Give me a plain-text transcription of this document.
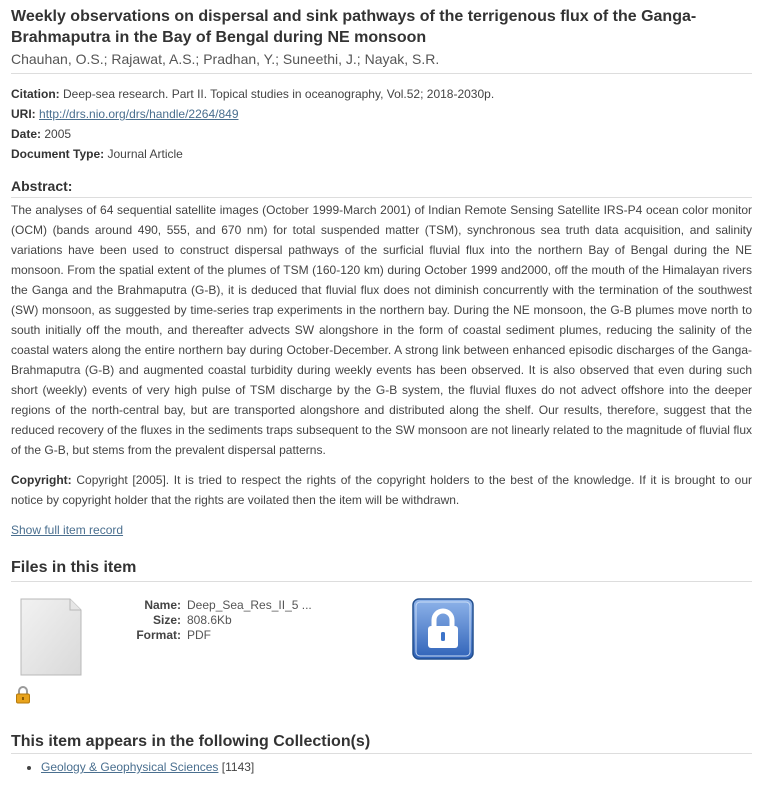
Weekly observations on dispersal and sink pathways of the terrigenous flux of the Ganga-Brahmaputra in the Bay of Bengal during NE monsoon
Chauhan, O.S.; Rajawat, A.S.; Pradhan, Y.; Suneethi, J.; Nayak, S.R.
Citation: Deep-sea research. Part II. Topical studies in oceanography, Vol.52; 2018-2030p.
URI: http://drs.nio.org/drs/handle/2264/849
Date: 2005
Document Type: Journal Article
Abstract:
The analyses of 64 sequential satellite images (October 1999-March 2001) of Indian Remote Sensing Satellite IRS-P4 ocean color monitor (OCM) (bands around 490, 555, and 670 nm) for total suspended matter (TSM), synchronous sea truth data acquisition, and salinity variations have been used to construct dispersal pathways of the surficial fluvial flux into the northern Bay of Bengal during the NE monsoon. From the spatial extent of the plumes of TSM (160-120 km) during October 1999 and2000, off the mouth of the Himalayan rivers the Ganga and the Brahmaputra (G-B), it is deduced that fluvial flux does not diminish concurrently with the termination of the southwest (SW) monsoon, as suggested by time-series trap experiments in the northern bay. During the NE monsoon, the G-B plumes move north to south initially off the mouth, and thereafter advects SW alongshore in the form of coastal sediment plumes, reducing the salinity of the coastal waters along the entire northern bay during October-December. A strong link between enhanced episodic discharges of the Ganga-Brahmaputra (G-B) and augmented coastal turbidity during weekly events has been observed. It is also observed that even during such short (weekly) events of very high pulse of TSM discharge by the G-B system, the fluvial fluxes do not advect offshore into the deeper regions of the north-central bay, but are transported alongshore and distributed along the shelf. Our results, therefore, suggest that the reduced recovery of the fluxes in the sediments traps subsequent to the SW monsoon are not linearly related to the magnitude of fluvial flux of the G-B, but stems from the prevalent dispersal patterns.
Copyright: Copyright [2005]. It is tried to respect the rights of the copyright holders to the best of the knowledge. If it is brought to our notice by copyright holder that the rights are voilated then the item will be withdrawn.
Show full item record
Files in this item
Name: Deep_Sea_Res_II_5 ...
Size: 808.6Kb
Format: PDF
This item appears in the following Collection(s)
• Geology & Geophysical Sciences [1143]
